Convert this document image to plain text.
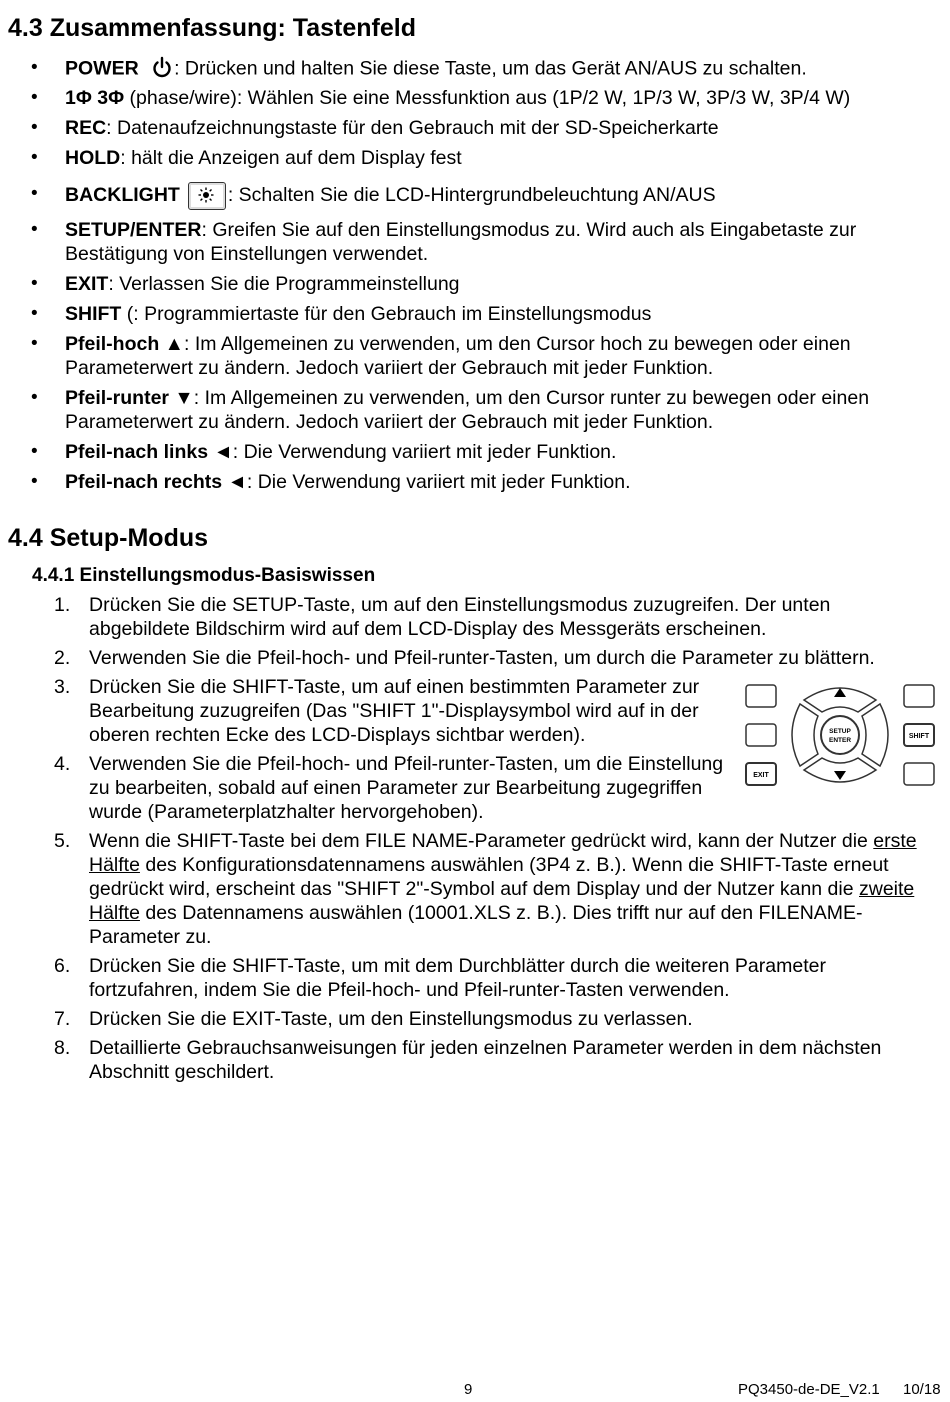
4.3 Zusammenfassung: Tastenfeld
• POWER : Drücken und halten Sie diese Taste, um das Gerät AN/AUS zu schalten.
• 1Φ 3Φ (phase/wire): Wählen Sie eine Messfunktion aus (1P/2 W, 1P/3 W, 3P/3 W, 3P/4 W)
• REC: Datenaufzeichnungstaste für den Gebrauch mit der SD-Speicherkarte
• HOLD: hält die Anzeigen auf dem Display fest
• BACKLIGHT : Schalten Sie die LCD-Hintergrundbeleuchtung AN/AUS
• SETUP/ENTER: Greifen Sie auf den Einstellungsmodus zu. Wird auch als Eingabetaste zur Bestätigung von Einstellungen verwendet.
• EXIT: Verlassen Sie die Programmeinstellung
• SHIFT (: Programmiertaste für den Gebrauch im Einstellungsmodus
• Pfeil-hoch ▲: Im Allgemeinen zu verwenden, um den Cursor hoch zu bewegen oder einen Parameterwert zu ändern. Jedoch variiert der Gebrauch mit jeder Funktion.
• Pfeil-runter ▼: Im Allgemeinen zu verwenden, um den Cursor runter zu bewegen oder einen Parameterwert zu ändern. Jedoch variiert der Gebrauch mit jeder Funktion.
• Pfeil-nach links ◄: Die Verwendung variiert mit jeder Funktion.
• Pfeil-nach rechts ◄: Die Verwendung variiert mit jeder Funktion.
4.4 Setup-Modus
4.4.1 Einstellungsmodus-Basiswissen
1. Drücken Sie die SETUP-Taste, um auf den Einstellungsmodus zuzugreifen. Der unten abgebildete Bildschirm wird auf dem LCD-Display des Messgeräts erscheinen.
2. Verwenden Sie die Pfeil-hoch- und Pfeil-runter-Tasten, um durch die Parameter zu blättern.
3. Drücken Sie die SHIFT-Taste, um auf einen bestimmten Parameter zur Bearbeitung zuzugreifen (Das "SHIFT 1"-Displaysymbol wird auf in der oberen rechten Ecke des LCD-Displays sichtbar werden).
4. Verwenden Sie die Pfeil-hoch- und Pfeil-runter-Tasten, um die Einstellung zu bearbeiten, sobald auf einen Parameter zur Bearbeitung zugegriffen wurde (Parameterplatzhalter hervorgehoben).
5. Wenn die SHIFT-Taste bei dem FILE NAME-Parameter gedrückt wird, kann der Nutzer die erste Hälfte des Konfigurationsdatennamens auswählen (3P4 z. B.). Wenn die SHIFT-Taste erneut gedrückt wird, erscheint das "SHIFT 2"-Symbol auf dem Display und der Nutzer kann die zweite Hälfte des Datennamens auswählen (10001.XLS z. B.). Dies trifft nur auf den FILENAME-Parameter zu.
6. Drücken Sie die SHIFT-Taste, um mit dem Durchblätter durch die weiteren Parameter fortzufahren, indem Sie die Pfeil-hoch- und Pfeil-runter-Tasten verwenden.
7. Drücken Sie die EXIT-Taste, um den Einstellungsmodus zu verlassen.
8. Detaillierte Gebrauchsanweisungen für jeden einzelnen Parameter werden in dem nächsten Abschnitt geschildert.
EXIT
SHIFT
SETUP
ENTER
9	PQ3450-de-DE_V2.1 10/18
